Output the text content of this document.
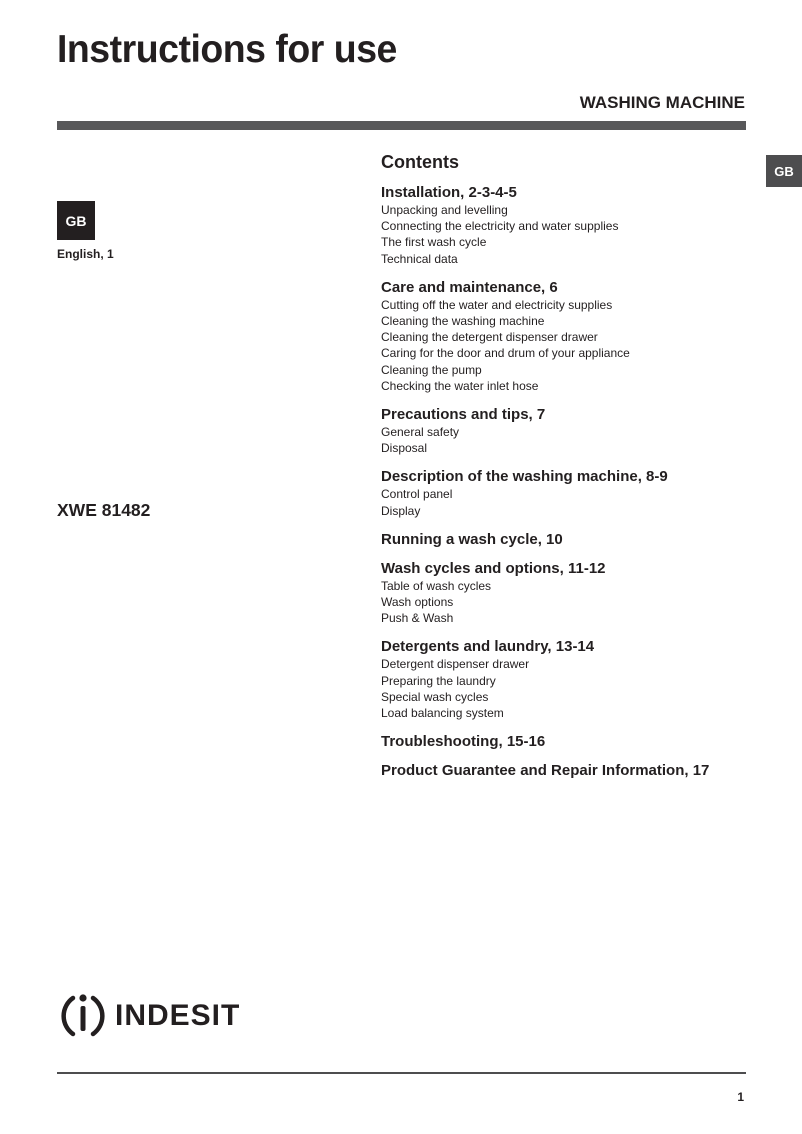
Instructions for use
WASHING MACHINE
GB
GB
English, 1
XWE 81482
Contents
Installation, 2-3-4-5
Unpacking and levelling
Connecting the electricity and water supplies
The first wash cycle
Technical data
Care and maintenance, 6
Cutting off the water and electricity supplies
Cleaning the washing machine
Cleaning the detergent dispenser drawer
Caring for the door and drum of your appliance
Cleaning the pump
Checking the water inlet hose
Precautions and tips, 7
General safety
Disposal
Description of the washing machine, 8-9
Control panel
Display
Running a wash cycle, 10
Wash cycles and options, 11-12
Table of wash cycles
Wash options
Push & Wash
Detergents and laundry, 13-14
Detergent dispenser drawer
Preparing the laundry
Special wash cycles
Load balancing system
Troubleshooting, 15-16
Product Guarantee and Repair Information, 17
INDESIT
1
